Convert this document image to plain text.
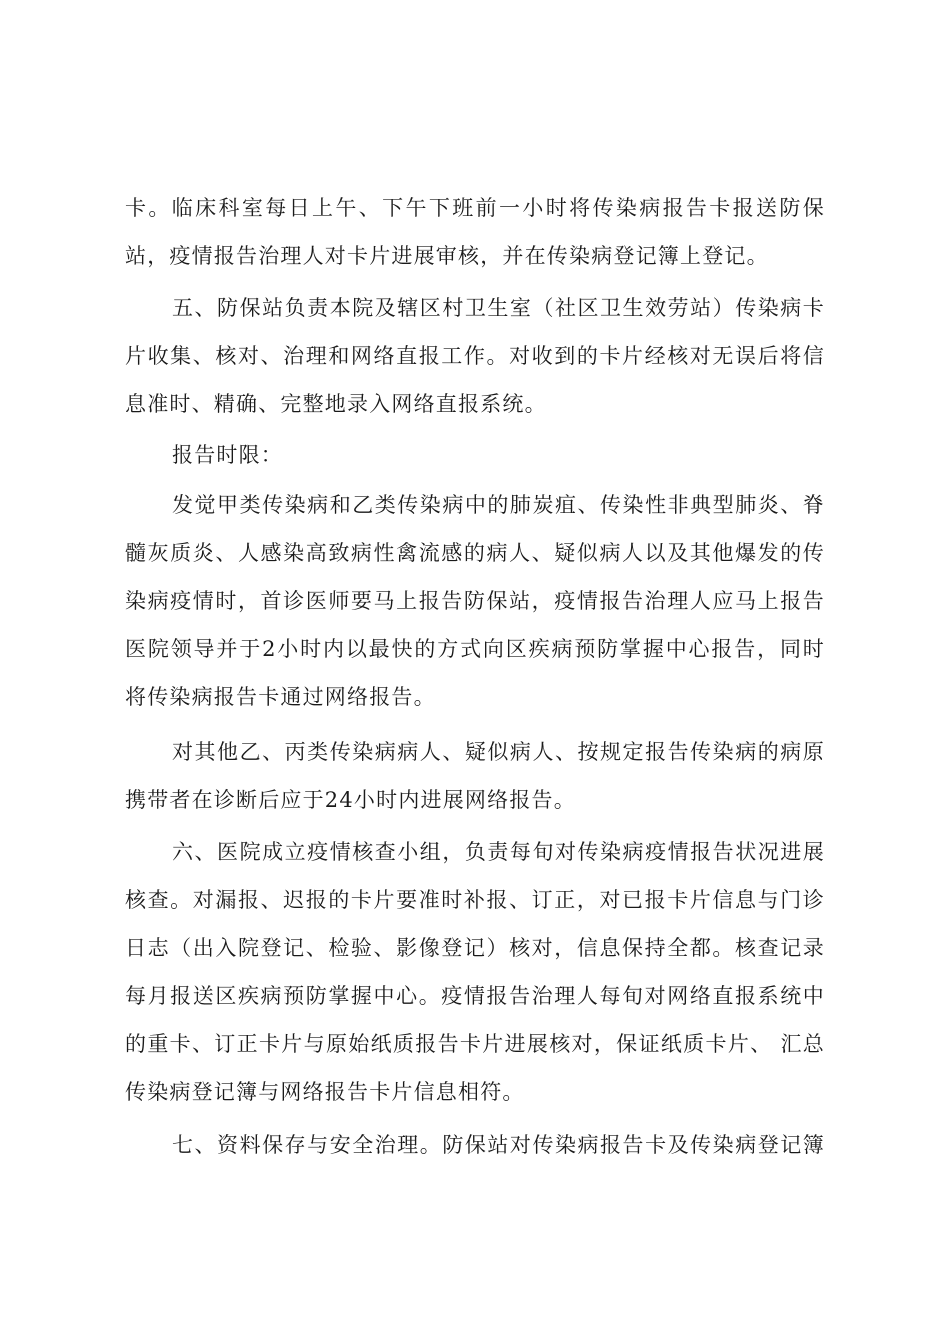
卡。临床科室每日上午、下午下班前一小时将传染病报告卡报送防保
站，疫情报告治理人对卡片进展审核，并在传染病登记簿上登记。
五、防保站负责本院及辖区村卫生室（社区卫生效劳站）传染病卡
片收集、核对、治理和网络直报工作。对收到的卡片经核对无误后将信
息准时、精确、完整地录入网络直报系统。
报告时限：
发觉甲类传染病和乙类传染病中的肺炭疽、传染性非典型肺炎、脊
髓灰质炎、人感染高致病性禽流感的病人、疑似病人以及其他爆发的传
染病疫情时，首诊医师要马上报告防保站，疫情报告治理人应马上报告
医院领导并于2小时内以最快的方式向区疾病预防掌握中心报告，同时
将传染病报告卡通过网络报告。
对其他乙、丙类传染病病人、疑似病人、按规定报告传染病的病原
携带者在诊断后应于24小时内进展网络报告。
六、医院成立疫情核查小组，负责每旬对传染病疫情报告状况进展
核查。对漏报、迟报的卡片要准时补报、订正，对已报卡片信息与门诊
日志（出入院登记、检验、影像登记）核对，信息保持全都。核查记录
每月报送区疾病预防掌握中心。疫情报告治理人每旬对网络直报系统中
的重卡、订正卡片与原始纸质报告卡片进展核对，保证纸质卡片、 汇总
传染病登记簿与网络报告卡片信息相符。
七、资料保存与安全治理。防保站对传染病报告卡及传染病登记簿
